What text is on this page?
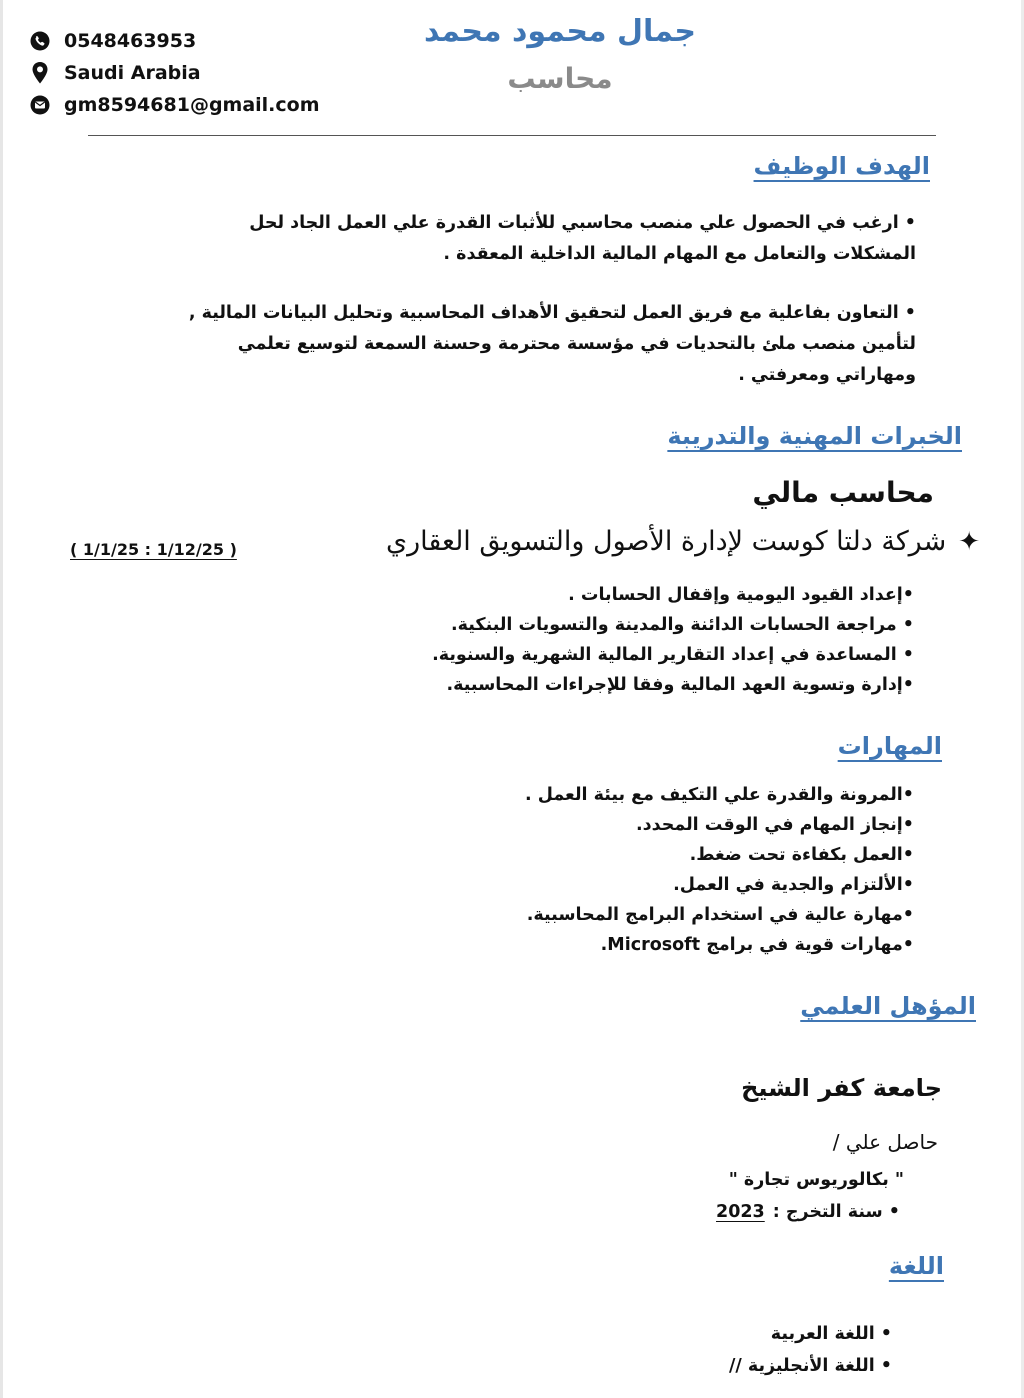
0548463953
Saudi Arabia
gm8594681@gmail.com
جمال محمود محمد
محاسب
الهدف الوظيف
• ارغب في الحصول علي منصب محاسبي للأثبات القدرة علي العمل الجاد لحل
المشكلات والتعامل مع المهام المالية الداخلية المعقدة .
• التعاون بفاعلية مع فريق العمل لتحقيق الأهداف المحاسبية وتحليل البيانات المالية ,
لتأمين منصب ملئ بالتحديات في مؤسسة محترمة وحسنة السمعة لتوسيع تعلمي
ومهاراتي ومعرفتي .
الخبرات المهنية والتدريبة
محاسب مالي
✦
شركة دلتا كوست لإدارة الأصول والتسويق العقاري
( 1/1/25 : 1/12/25 )
•إعداد القيود اليومية وإقفال الحسابات .
• مراجعة الحسابات الدائنة والمدينة والتسويات البنكية.
• المساعدة في إعداد التقارير المالية الشهرية والسنوية.
•إدارة وتسوية العهد المالية وفقا للإجراءات المحاسبية.
المهارات
•المرونة والقدرة علي التكيف مع بيئة العمل .
•إنجاز المهام في الوقت المحدد.
•العمل بكفاءة تحت ضغط.
•الألتزام والجدية في العمل.
•مهارة عالية في استخدام البرامج المحاسبية.
•مهارات قوية في برامج Microsoft.
المؤهل العلمي
جامعة كفر الشيخ
حاصل علي /
" بكالوريوس تجارة "
• سنة التخرج :
2023
اللغة
• اللغة العربية
• اللغة الأنجليزية //
